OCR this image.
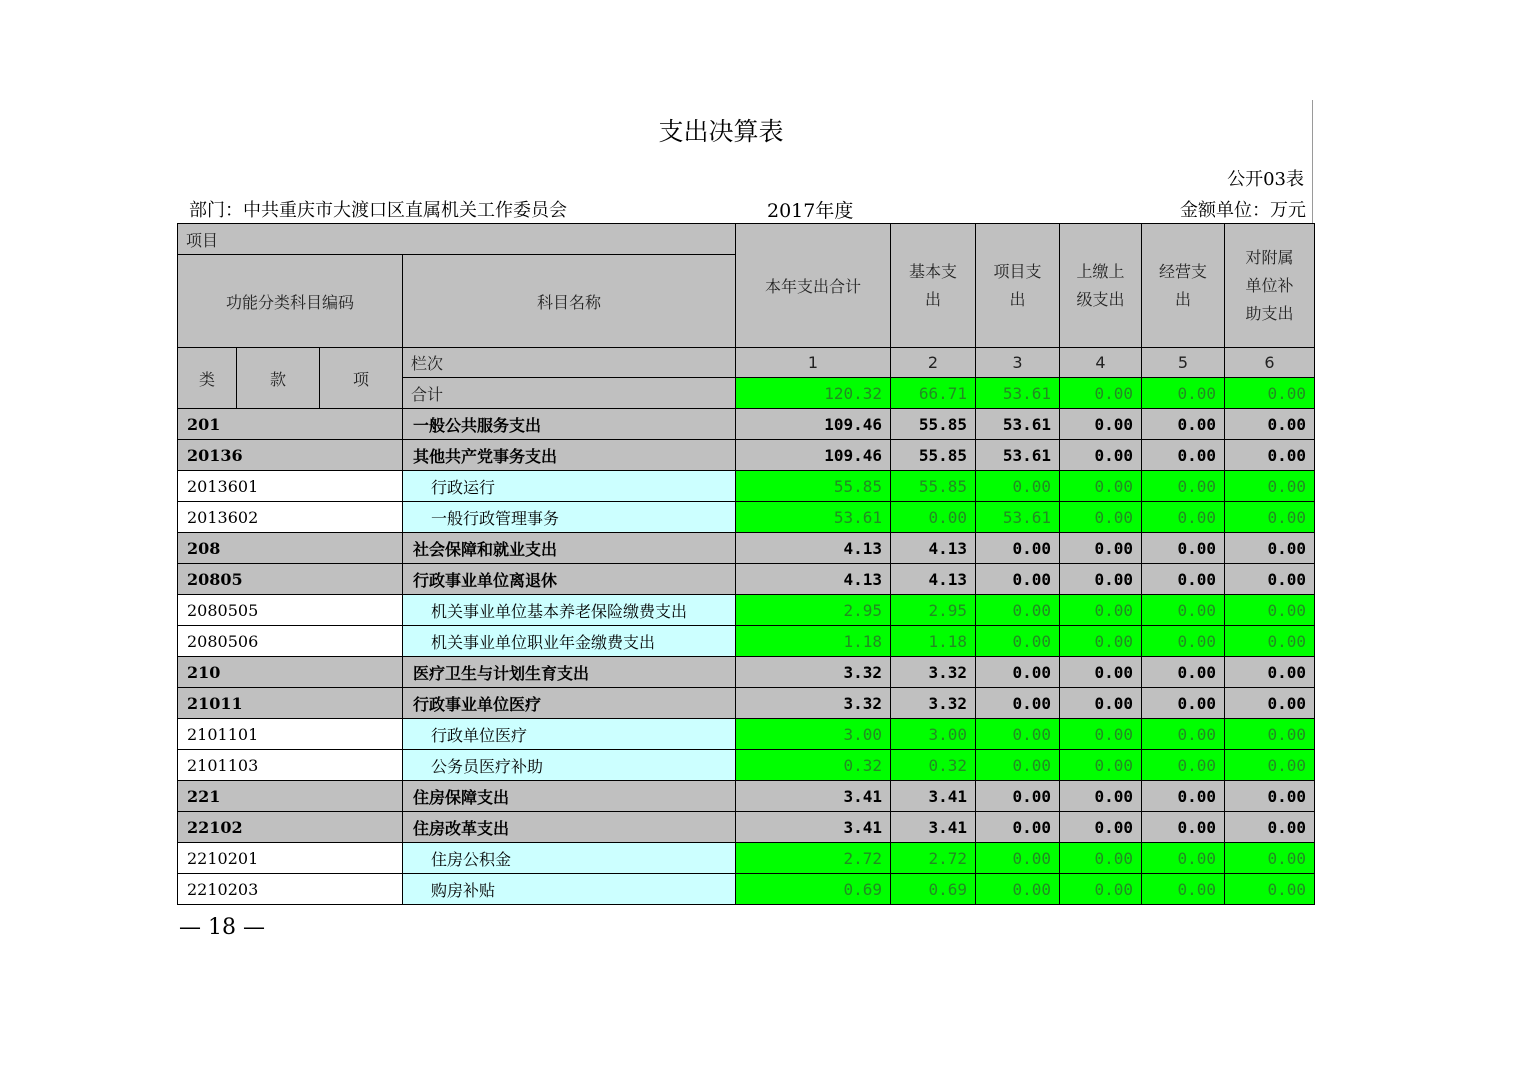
支出决算表
公开03表
部门：中共重庆市大渡口区直属机关工作委员会	2017年度	金额单位：万元
项目				本年支出合计	基本支出	项目支出	上缴上级支出	经营支出	对附属单位补助支出

功能分类科目编码			科目名称						
类	款	项	栏次	1	2	3	4	5	6
			合计	120.32	66.71	53.61	0.00	0.00	0.00
201			一般公共服务支出	109.46	55.85	53.61	0.00	0.00	0.00
20136			其他共产党事务支出	109.46	55.85	53.61	0.00	0.00	0.00
2013601			行政运行	55.85	55.85	0.00	0.00	0.00	0.00
2013602			一般行政管理事务	53.61	0.00	53.61	0.00	0.00	0.00
208			社会保障和就业支出	4.13	4.13	0.00	0.00	0.00	0.00
20805			行政事业单位离退休	4.13	4.13	0.00	0.00	0.00	0.00
2080505			机关事业单位基本养老保险缴费支出	2.95	2.95	0.00	0.00	0.00	0.00
2080506			机关事业单位职业年金缴费支出	1.18	1.18	0.00	0.00	0.00	0.00
210			医疗卫生与计划生育支出	3.32	3.32	0.00	0.00	0.00	0.00
21011			行政事业单位医疗	3.32	3.32	0.00	0.00	0.00	0.00
2101101			行政单位医疗	3.00	3.00	0.00	0.00	0.00	0.00
2101103			公务员医疗补助	0.32	0.32	0.00	0.00	0.00	0.00
221			住房保障支出	3.41	3.41	0.00	0.00	0.00	0.00
22102			住房改革支出	3.41	3.41	0.00	0.00	0.00	0.00
2210201			住房公积金	2.72	2.72	0.00	0.00	0.00	0.00
2210203			购房补贴	0.69	0.69	0.00	0.00	0.00	0.00
— 18 —
